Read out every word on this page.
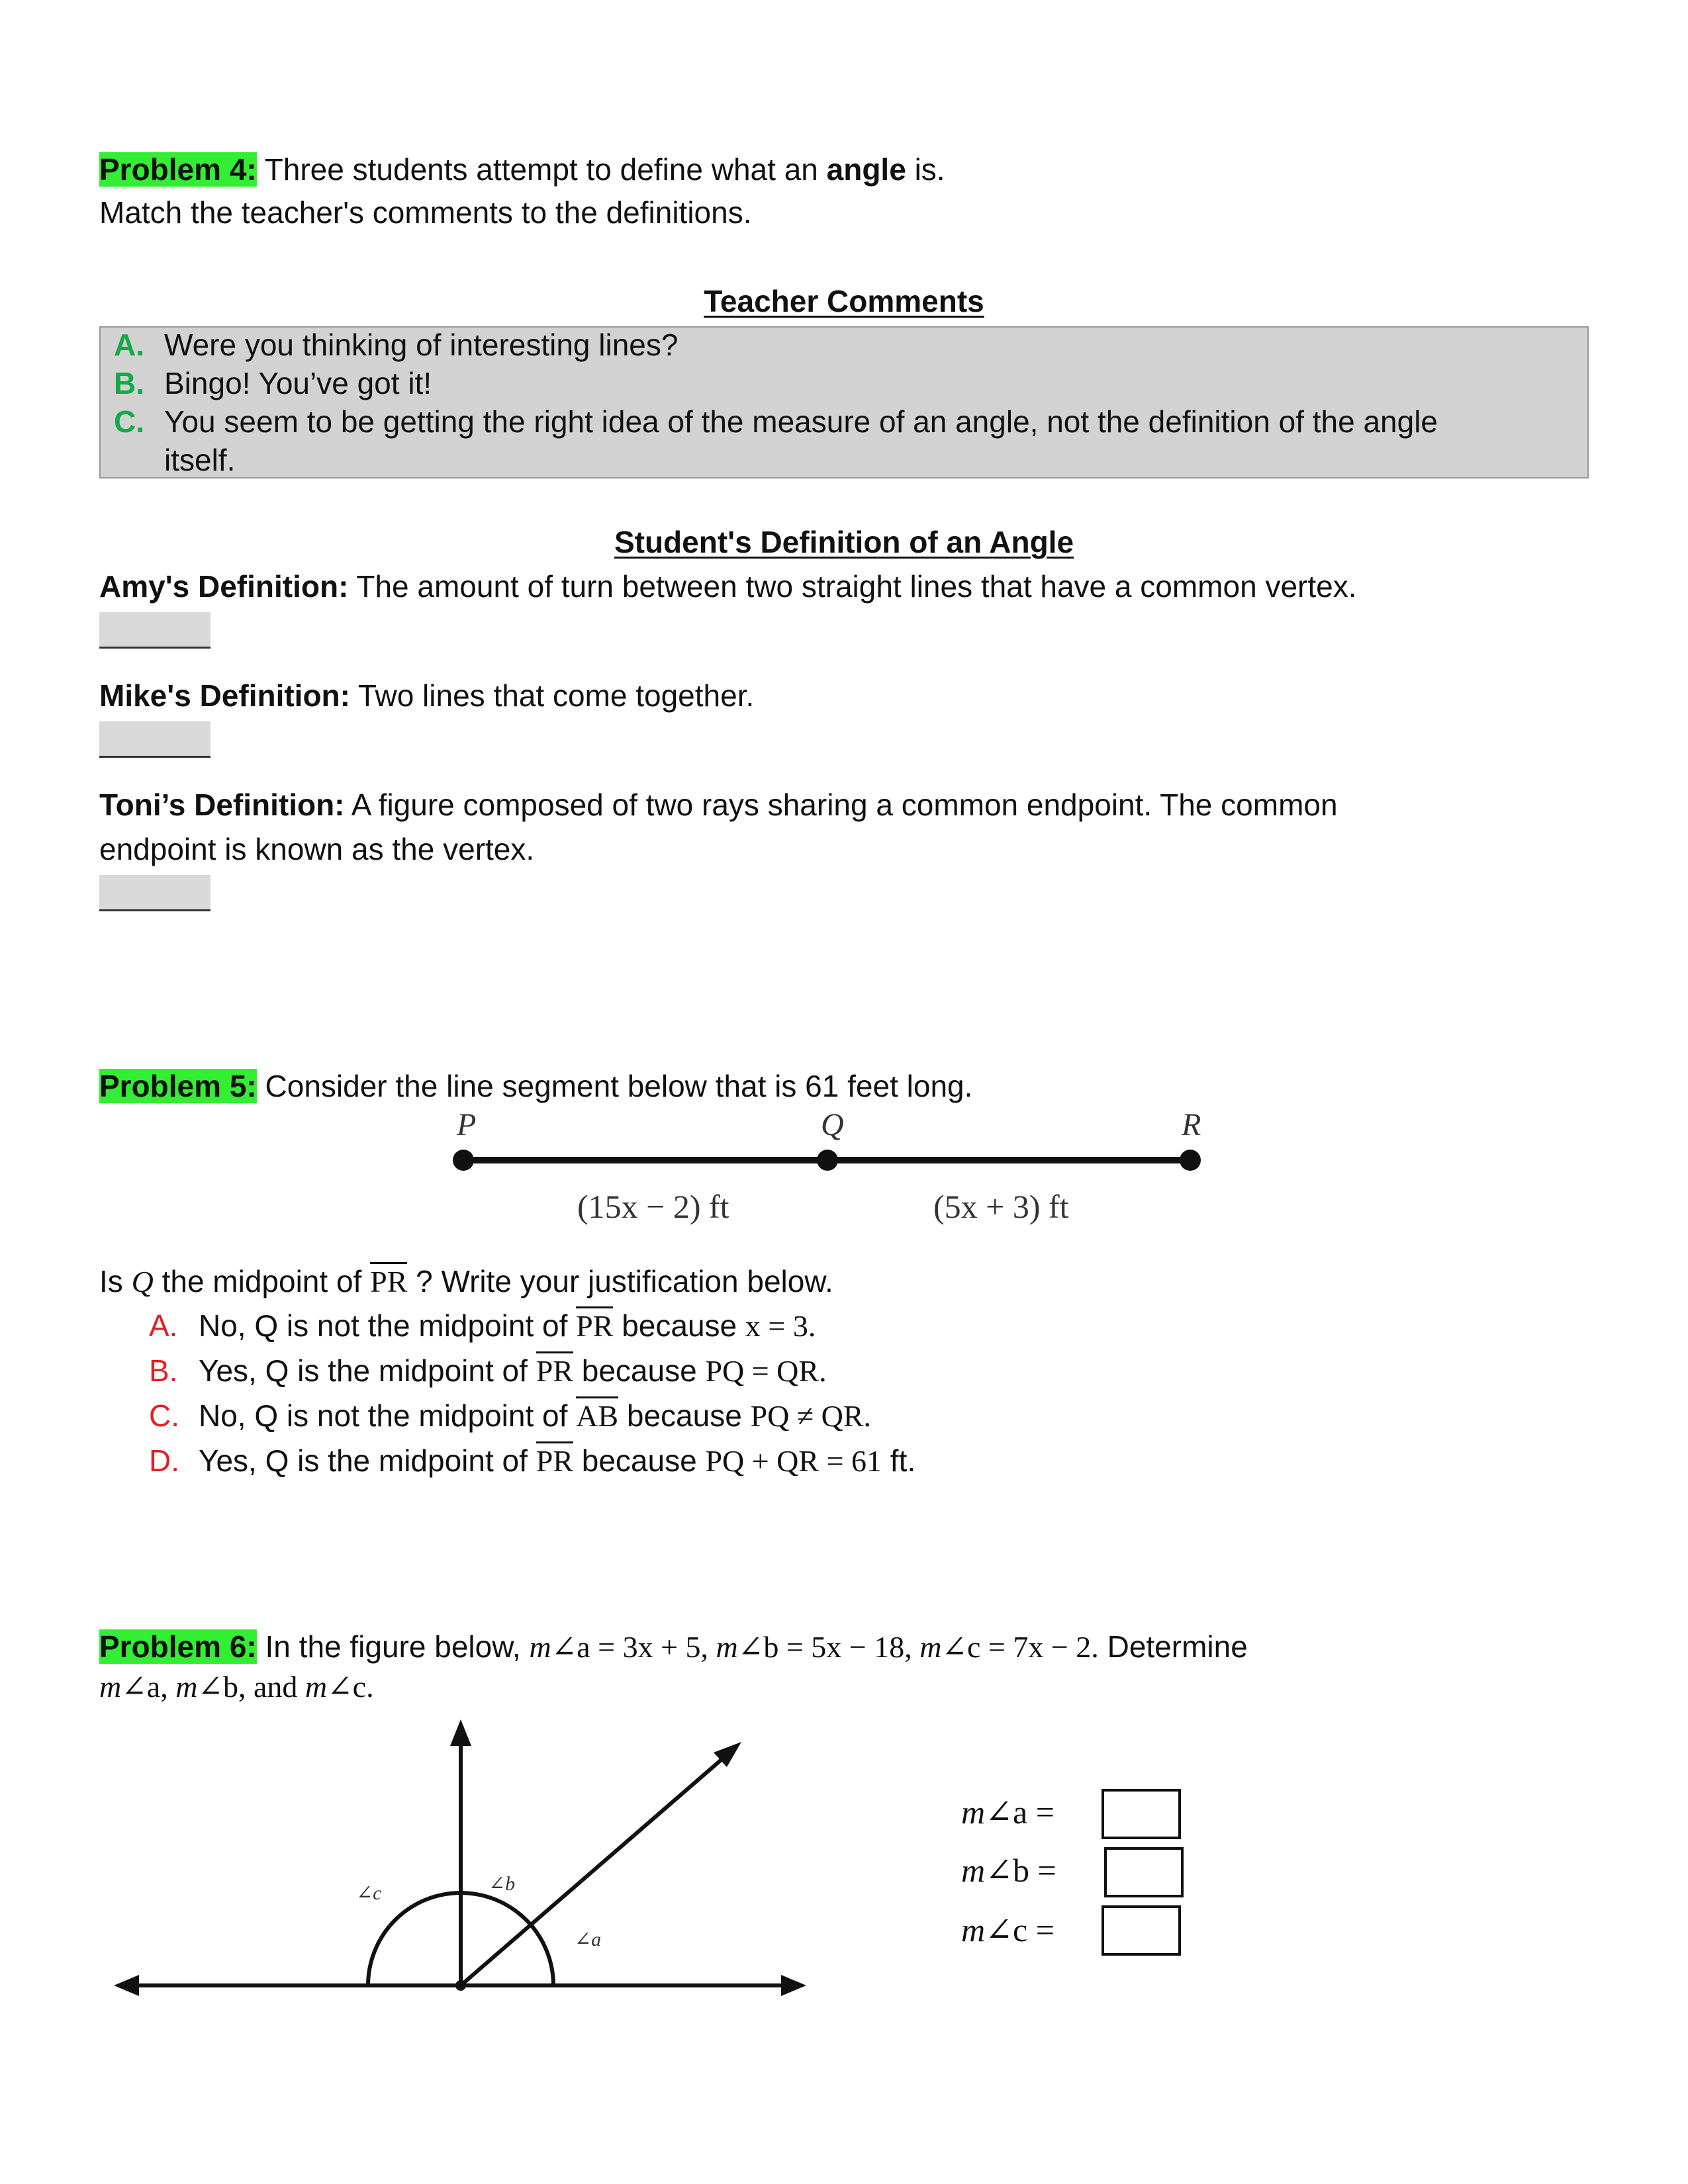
Problem 4: Three students attempt to define what an angle is.
Match the teacher's comments to the definitions.
Teacher Comments
A. Were you thinking of interesting lines?
B. Bingo! You’ve got it!
C. You seem to be getting the right idea of the measure of an angle, not the definition of the angle
itself.
Student's Definition of an Angle
Amy's Definition: The amount of turn between two straight lines that have a common vertex.
Mike's Definition: Two lines that come together.
Toni’s Definition: A figure composed of two rays sharing a common endpoint. The common
endpoint is known as the vertex.
Problem 5: Consider the line segment below that is 61 feet long.
P	Q	R
(15x − 2) ft	(5x + 3) ft
Is Q the midpoint of PR ? Write your justification below.
A. No, Q is not the midpoint of PR because x = 3.
B. Yes, Q is the midpoint of PR because PQ = QR.
C. No, Q is not the midpoint of AB because PQ ≠ QR.
D. Yes, Q is the midpoint of PR because PQ + QR = 61 ft.
Problem 6: In the figure below, m∠a = 3x + 5, m∠b = 5x − 18, m∠c = 7x − 2. Determine
m∠a, m∠b, and m∠c.
∠c	∠b
∠a
m∠a =
m∠b =
m∠c =
